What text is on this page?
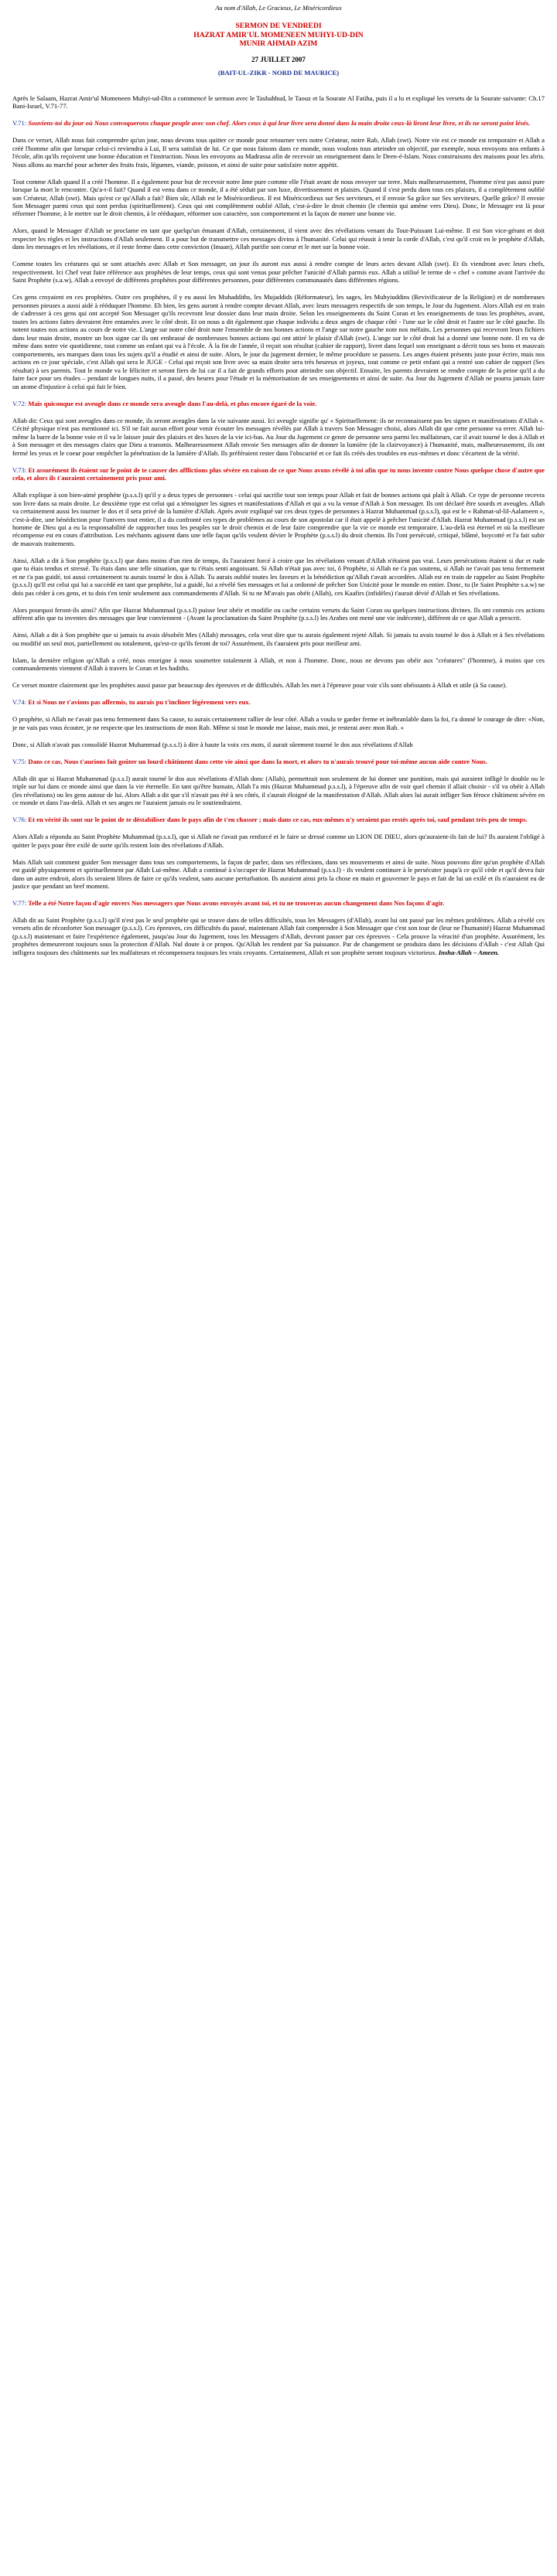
Au nom d'Allah, Le Gracieux, Le Miséricordieux
SERMON DE VENDREDI
HAZRAT AMIR'UL MOMENEEN MUHYI-UD-DIN
MUNIR AHMAD AZIM
27 JUILLET 2007
(BAIT-UL-ZIKR - NORD DE MAURICE)

Après le Salaam, Hazrat Amir'ul Momeneen Muhyi-ud-Din a commencé le sermon avec le Tashahhud, le Taouz et la Sourate Al Fatiha, puis il a lu et expliqué les versets de la Sourate suivante: Ch.17 Bani-Israel, V.71-77.

V.71: Souviens-toi du jour où Nous convoquerons chaque peuple avec son chef. Alors ceux à qui leur livre sera donné dans la main droite ceux-là liront leur livre, et ils ne seront point lésés.

Dans ce verset, Allah nous fait comprendre qu'un jour, nous devons tous quitter ce monde pour retourner vers notre Créateur, notre Rab, Allah (swt). Notre vie est ce monde est temporaire et Allah a créé l'homme afin que lorsque celui-ci reviendra à Lui, Il sera satisfait de lui. Ce que nous faisons dans ce monde, nous voulons tous atteindre un objectif, par exemple, nous envoyons nos enfants à l'école, afin qu'ils reçoivent une bonne éducation et l'instruction. Nous les envoyons au Madrassa afin de recevoir un enseignement dans le Deen-é-Islam. Nous construisons des maisons pour les abris. Nous allons au marché pour acheter des fruits frais, légumes, viande, poisson, et ainsi de suite pour satisfaire notre appétit.

Tout comme Allah quand Il a créé l'homme. Il a également pour but de recevoir notre âme pure comme elle l'était avant de nous envoyer sur terre. Mais malheureusement, l'homme n'est pas aussi pure lorsque la mort le rencontre. Qu'a-t-il fait? Quand il est venu dans ce monde, il a été séduit par son luxe, divertissement et plaisirs. Quand il s'est perdu dans tous ces plaisirs, il a complètement oublié son Créateur, Allah (swt). Mais qu'est ce qu'Allah a fait? Bien sûr, Allah est le Miséricordieux. Il est Miséricordieux sur Ses serviteurs, et il envoie Sa grâce sur Ses serviteurs. Quelle grâce? Il envoie Son Messager parmi ceux qui sont perdus (spirituellement). Ceux qui ont complètement oublié Allah, c'est-à-dire le droit chemin (le chemin qui amène vers Dieu). Donc, le Messager est là pour réformer l'homme, à le mettre sur le droit chemin, à le rééduquer, réformer son caractère, son comportement et la façon de mener une bonne vie.

Alors, quand le Messager d'Allah se proclame en tant que quelqu'un émanant d'Allah, certainement, il vient avec des révélations venant du Tout-Puissant Lui-même. Il est Son vice-gérant et doit respecter les règles et les instructions d'Allah seulement. Il a pour but de transmettre ces messages divins à l'humanité. Celui qui réussit à tenir la corde d'Allah, c'est qu'il croit en le prophète d'Allah, dans les messages et les révélations, et il reste ferme dans cette conviction (Imaan), Allah purifie son coeur et le met sur la bonne voie.

Comme toutes les créatures qui se sont attachés avec Allah et Son messager, un jour ils auront eux aussi à rendre compte de leurs actes devant Allah (swt). Et ils viendront avec leurs chefs, respectivement. Ici Chef veut faire référence aux prophètes de leur temps, ceux qui sont venus pour prêcher l'unicité d'Allah parmis eux. Allah a utilisé le terme de « chef » comme avant l'arrivée du Saint Prophète (s.a.w), Allah a envoyé de différents prophètes pour différentes personnes, pour différentes communautés dans différentes régions.

Ces gens croyaient en ces prophètes. Outre ces prophètes, il y eu aussi les Muhaddiths, les Mujaddids (Réformateur), les sages, les Muhyiuddins (Revivificateur de la Religion) et de nombreuses personnes pieuses a aussi aidé à rééduquer l'homme. Eh bien, les gens auront à rendre compte devant Allah, avec leurs messagers respectifs de son temps, le Jour du Jugement. Alors Allah est en train de s'adresser à ces gens qui ont accepté Son Messager qu'ils recevront leur dossier dans leur main droite. Selon les enseignements du Saint Coran et les enseignements de tous les prophètes, avant, toutes les actions faites devraient être entamées avec le côté droit. Et on nous a dit également que chaque individu a deux anges de chaque côté - l'une sur le côté droit et l'autre sur le côté gauche. Ils notent toutes nos actions au cours de notre vie. L'ange sur notre côté droit note l'ensemble de nos bonnes actions et l'ange sur notre gauche note nos méfaits. Les personnes qui recevront leurs fichiers dans leur main droite, montre un bon signe car ils ont embrassé de nombreuses bonnes actions qui ont attiré le plaisir d'Allah (swt). L'ange sur le côté droit lui a donné une bonne note. Il en va de même dans notre vie quotidienne, tout comme un enfant qui va à l'école. À la fin de l'année, il reçoit son résultat (cahier de rapport), livret dans lequel son enseignant a décrit tous ses bons et mauvais comportements, ses marques dans tous les sujets qu'il a étudié et ainsi de suite. Alors, le jour du jugement dernier, le même procédure se passera. Les anges étaient présents juste pour écrire, mais nos actions en ce jour spéciale, c'est Allah qui sera le JUGE - Celui qui reçoit son livre avec sa main droite sera très heureux et joyeux, tout comme ce petit enfant qui a rentré son cahier de rapport (Ses résultat) à ses parents. Tout le monde va le féliciter et seront fiers de lui car il a fait de grands efforts pour atteindre son objectif. Ensuite, les parents devraient se rendre compte de la peine qu'il a du faire face pour ses études – pendant de longues nuits, il a passé, des heures pour l'étude et la mémorisation de ses enseignements et ainsi de suite. Au Jour du Jugement d'Allah ne pourra jamais faire un atome d'injustice à celui qui fait le bien.

V.72: Mais quiconque est aveugle dans ce monde sera aveugle dans l'au-delà, et plus encore égaré de la voie.

Allah dit: Ceux qui sont aveugles dans ce monde, ils seront aveugles dans la vie suivante aussi. Ici aveugle signifie qu' « Spirituellement: ils ne reconnaissent pas les signes et manifestations d'Allah ». Cécité physique n'est pas mentionné ici. S'il ne fait aucun effort pour venir écouter les messages révélés par Allah à travers Son Messager choisi, alors Allah dit que cette personne va errer. Allah lui-même la barre de la bonne voie et il va le laisser jouir des plaisirs et des luxes de la vie ici-bas. Au Jour du Jugement ce genre de personne sera parmi les malfaiteurs, car il avait tourné le dos à Allah et à Son messager et des messages clairs que Dieu a transmis. Malheureusement Allah envoie Ses messages afin de donner la lumière (de la clairvoyance) à l'humanité, mais, malheureusement, ils ont fermé les yeux et le coeur pour empêcher la pénétration de la lumière d'Allah. Ils préféraient rester dans l'obscurité et ce fait ils créés des troubles en eux-mêmes et donc s'écartent de la vérité.

V.73: Et assurément ils étaient sur le point de te causer des afflictions plus sévère en raison de ce que Nous avons révélé à toi afin que tu nous invente contre Nous quelque chose d'autre que cela, et alors ils t'auraient certainement pris pour ami.

Allah explique à son bien-aimé prophète (p.s.s.l) qu'il y a deux types de personnes - celui qui sacrifie tout son temps pour Allah et fait de bonnes actions qui plaît à Allah. Ce type de personne recevra son livre dans sa main droite. Le deuxième type est celui qui a témoigner les signes et manifestations d'Allah et qui a vu la venue d'Allah à Son messager. Ils ont déclaré être sourds et aveugles. Allah va certainement aussi les tourner le dos et il sera privé de la lumière d'Allah. Après avoir expliqué sur ces deux types de personnes à Hazrat Muhammad (p.s.s.l), qui est le « Rahmat-ul-lil-Aalameen », c'est-à-dire, une bénédiction pour l'univers tout entier, il a du confronté ces types de problèmes au cours de son apostolat car il était appelé à prêcher l'unicité d'Allah. Hazrat Muhammad (p.s.s.l) est un homme de Dieu qui a eu la responsabilité de rapprocher tous les peuples sur le droit chemin et de leur faire comprendre que la vie ce monde est temporaire. L'au-delà est éternel et où la meilleure récompense est en cours d'attribution. Les méchants agissent dans une telle façon qu'ils veulent dévier le Prophète (p.s.s.l) du droit chemin. Ils l'ont persécuté, critiqué, blâmé, boycotté et l'a fait subir de mauvais traitements.

Ainsi, Allah a dit à Son prophète (p.s.s.l) que dans moins d'un rien de temps, ils l'auraient forcé à croire que les révélations venant d'Allah n'étaient pas vrai. Leurs persécutions étaient si dur et rude que tu étais tendus et stressé. Tu étais dans une telle situation, que tu t'étais senti angoissant. Si Allah n'était pas avec toi, ô Prophète, si Allah ne t'a pas soutenu, si Allah ne t'avait pas tenu fermement et ne t'a pas guidé, toi aussi certainement tu aurais tourné le dos à Allah. Tu aurais oublié toutes les faveurs et la bénédiction qu'Allah t'avait accordées. Allah est en train de rappeler au Saint Prophète (p.s.s.l) qu'Il est celui qui lui a succédé en tant que prophète, lui a guidé, lui a révélé Ses messages et lui a ordonné de prêcher Son Unicité pour le monde en entier. Donc, tu (le Saint Prophète s.a.w) ne dois pas céder à ces gens, et tu dois t'en tenir seulement aux commandements d'Allah. Si tu ne M'avais pas obéit (Allah), ces Kaafirs (infidèles) t'aurait dévié d'Allah et Ses révélations.

Alors pourquoi feront-ils ainsi? Afin que Hazrat Muhammad (p.s.s.l) puisse leur obéir et modifie ou cache certains versets du Saint Coran ou quelques instructions divines. Ils ont commis ces actions afférent afin que tu inventes des messages que leur conviennent - (Avant la proclamation du Saint Prophète (p.s.s.l) les Arabes ont mené une vie indécente), différent de ce que Allah a prescrit.

Ainsi, Allah a dit à Son prophète que si jamais tu avais désobéit Mes (Allah) messages, cela veut dire que tu aurais également rejeté Allah. Si jamais tu avais tourné le dos à Allah et à Ses révélations ou modifié un seul mot, partiellement ou totalement, qu'est-ce qu'ils feront de toi? Assurément, ils t'auraient pris pour meilleur ami.

Islam, la dernière religion qu'Allah a créé, nous enseigne à nous soumettre totalement à Allah, et non à l'homme. Donc, nous ne devons pas obéir aux "créatures" (l'homme), à moins que ces commandements viennent d'Allah à travers le Coran et les hadiths.

Ce verset montre clairement que les prophètes aussi passe par beaucoup des épreuves et de difficultés. Allah les met à l'épreuve pour voir s'ils sont obéissants à Allah et utile (à Sa cause).

V.74: Et si Nous ne t'avions pas affermis, tu aurais pu t'incliner légèrement vers eux.

O prophète, si Allah ne t'avait pas tenu fermement dans Sa cause, tu aurais certainement rallier de leur côté. Allah a voulu te garder ferme et inébranlable dans la foi, t'a donné le courage de dire: «Non, je ne vais pas vous écouter, je ne respecte que les instructions de mon Rab. Même si tout le monde me laisse, mais moi, je resterai avec mon Rab. »

Donc, si Allah n'avait pas consolidé Hazrat Muhammad (p.s.s.l) à dire à haute la voix ces mots, il aurait sûrement tourné le dos aux révélations d'Allah

V.75: Dans ce cas, Nous t'aurions fait goûter un lourd châtiment dans cette vie ainsi que dans la mort, et alors tu n'aurais trouvé pour toi-même aucun aide contre Nous.

Allah dit que si Hazrat Muhammad (p.s.s.l) aurait tourné le dos aux révélations d'Allah donc (Allah), permettrait non seulement de lui donner une punition, mais qui auraient infligé le double ou le triple sur lui dans ce monde ainsi que dans la vie éternelle. En tant qu'être humain, Allah l'a mis (Hazrat Muhammad p.s.s.l), à l'épreuve afin de voir quel chemin il allait choisir - s'il va obéir à Allah (les révélations) ou les gens autour de lui. Alors Allah a dit que s'il n'avait pas été à ses côtés, il s'aurait éloigné de la manifestation d'Allah. Allah alors lui aurait infliger Son féroce châtiment sévère en ce monde et dans l'au-delà. Allah et ses anges ne l'auraient jamais eu le soutiendraient.

V.76: Et en vérité ils sont sur le point de te déstabiliser dans le pays afin de t'en chasser ; mais dans ce cas, eux-mêmes n'y seraient pas restés après toi, sauf pendant très peu de temps.

Alors Allah a répondu au Saint Prophète Muhammad (p.s.s.l), que si Allah ne t'avait pas renforcé et le faire se dressé comme un LION DE DIEU, alors qu'auraient-ils fait de lui? Ils auraient l'obligé à quitter le pays pour être exilé de sorte qu'ils restent loin des révélations d'Allah.

Mais Allah sait comment guider Son messager dans tous ses comportements, la façon de parler, dans ses réflexions, dans ses mouvements et ainsi de suite. Nous pouvons dire qu'un prophète d'Allah est guidé physiquement et spirituellement par Allah Lui-même. Allah a continué à s'occuper de Hazrat Muhammad (p.s.s.l) - ils veulent continuer à le persécuter jusqu'à ce qu'il cède et qu'il devra fuir dans un autre endroit, alors ils seraient libres de faire ce qu'ils veulent, sans aucune perturbation. Ils auraient ainsi pris la chose en main et gouverner le pays et fait de lui un exilé et ils n'auraient eu de justice que pendant un bref moment.

V.77: Telle a été Notre façon d'agir envers Nos messagers que Nous avons envoyés avant toi, et tu ne trouveras aucun changement dans Nos façons d'agir.

Allah dit au Saint Prophète (p.s.s.l) qu'il n'est pas le seul prophète qui se trouve dans de telles difficultés, tous les Messagers (d'Allah), avant lui ont passé par les mêmes problèmes. Allah a révélé ces versets afin de réconforter Son messager (p.s.s.l). Ces épreuves, ces difficultés du passé, maintenant Allah fait comprendre à Son Messager que c'est son tour de (leur ne l'humanité) Hazrat Muhammad (p.s.s.l) maintenant et faire l'expérience également, jusqu'au Jour du Jugement, tous les Messagers d'Allah, devront passer par ces épreuves - Cela prouve la véracité d'un prophète. Assurément, les prophètes demeureront toujours sous la protection d'Allah. Nul doute à ce propos. Qu'Allah les rendent par Sa puissance. Par de changement se produira dans les décisions d'Allah - c'est Allah Qui infligera toujours des châtiments sur les malfaiteurs et récompensera toujours les vrais croyants. Certainement, Allah et son prophète seront toujours victorieux. Insha-Allah – Ameen.
